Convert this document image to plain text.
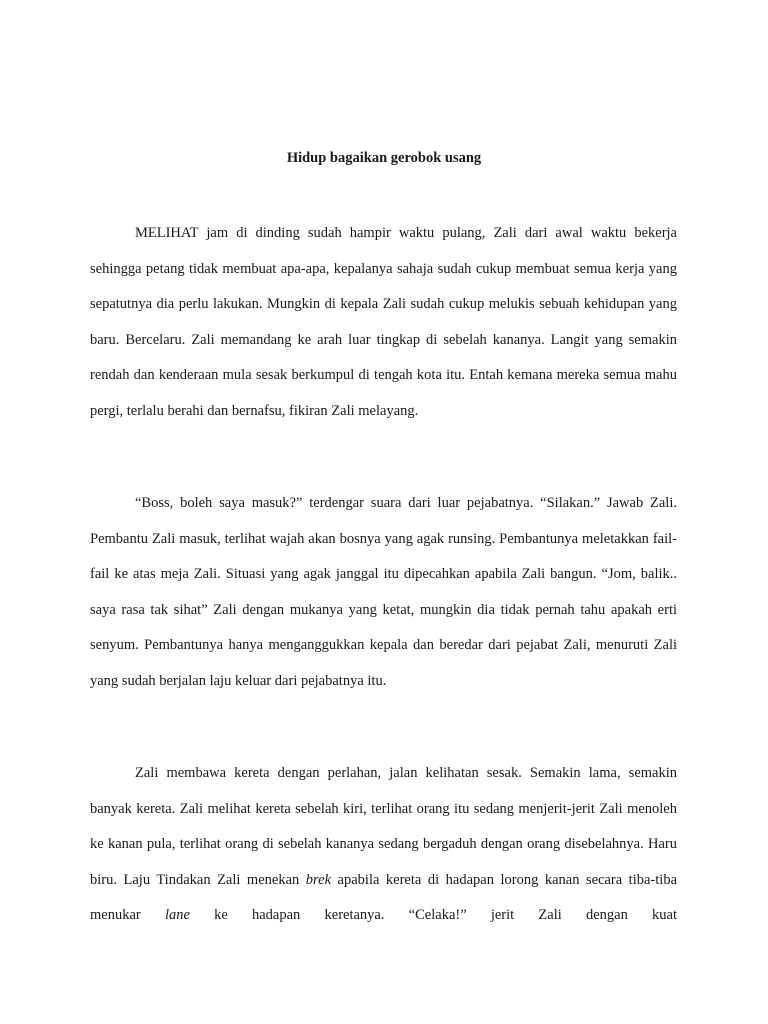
Hidup bagaikan gerobok usang

MELIHAT jam di dinding sudah hampir waktu pulang, Zali dari awal waktu bekerja sehingga petang tidak membuat apa-apa, kepalanya sahaja sudah cukup membuat semua kerja yang sepatutnya dia perlu lakukan. Mungkin di kepala Zali sudah cukup melukis sebuah kehidupan yang baru. Bercelaru. Zali memandang ke arah luar tingkap di sebelah kananya. Langit yang semakin rendah dan kenderaan mula sesak berkumpul di tengah kota itu. Entah kemana mereka semua mahu pergi, terlalu berahi dan bernafsu, fikiran Zali melayang.

“Boss, boleh saya masuk?” terdengar suara dari luar pejabatnya. “Silakan.” Jawab Zali. Pembantu Zali masuk, terlihat wajah akan bosnya yang agak runsing. Pembantunya meletakkan fail-fail ke atas meja Zali. Situasi yang agak janggal itu dipecahkan apabila Zali bangun. “Jom, balik.. saya rasa tak sihat” Zali dengan mukanya yang ketat, mungkin dia tidak pernah tahu apakah erti senyum. Pembantunya hanya menganggukkan kepala dan beredar dari pejabat Zali, menuruti Zali yang sudah berjalan laju keluar dari pejabatnya itu.

Zali membawa kereta dengan perlahan, jalan kelihatan sesak. Semakin lama, semakin banyak kereta. Zali melihat kereta sebelah kiri, terlihat orang itu sedang menjerit-jerit Zali menoleh ke kanan pula, terlihat orang di sebelah kananya sedang bergaduh dengan orang disebelahnya. Haru biru. Laju Tindakan Zali menekan brek apabila kereta di hadapan lorong kanan secara tiba-tiba menukar lane ke hadapan keretanya. “Celaka!” jerit Zali dengan kuat
